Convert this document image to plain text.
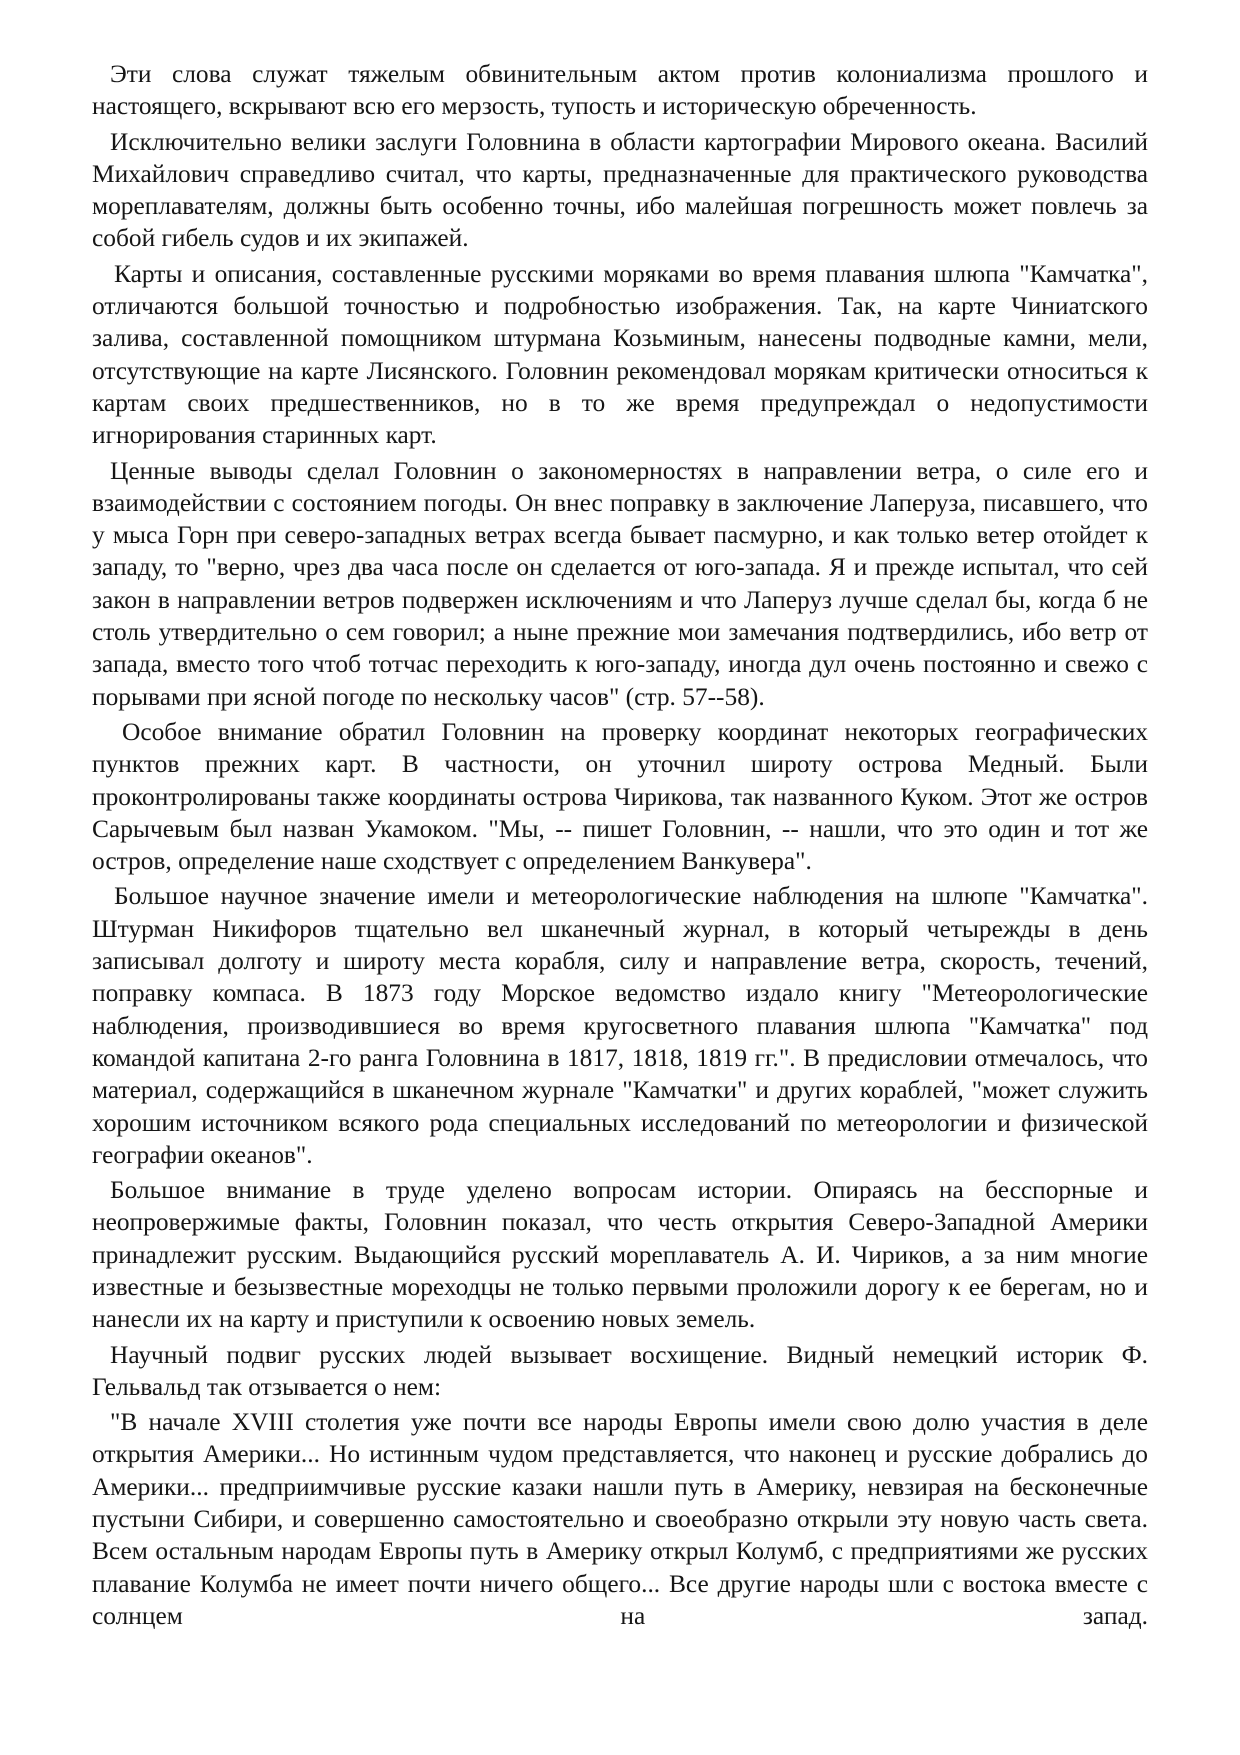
Эти слова служат тяжелым обвинительным актом против колониализма прошлого и настоящего, вскрывают всю его мерзость, тупость и историческую обреченность.

Исключительно велики заслуги Головнина в области картографии Мирового океана. Василий Михайлович справедливо считал, что карты, предназначенные для практического руководства мореплавателям, должны быть особенно точны, ибо малейшая погрешность может повлечь за собой гибель судов и их экипажей.

Карты и описания, составленные русскими моряками во время плавания шлюпа "Камчатка", отличаются большой точностью и подробностью изображения. Так, на карте Чиниатского залива, составленной помощником штурмана Козьминым, нанесены подводные камни, мели, отсутствующие на карте Лисянского. Головнин рекомендовал морякам критически относиться к картам своих предшественников, но в то же время предупреждал о недопустимости игнорирования старинных карт.

Ценные выводы сделал Головнин о закономерностях в направлении ветра, о силе его и взаимодействии с состоянием погоды. Он внес поправку в заключение Лаперуза, писавшего, что у мыса Горн при северо-западных ветрах всегда бывает пасмурно, и как только ветер отойдет к западу, то "верно, чрез два часа после он сделается от юго-запада. Я и прежде испытал, что сей закон в направлении ветров подвержен исключениям и что Лаперуз лучше сделал бы, когда б не столь утвердительно о сем говорил; а ныне прежние мои замечания подтвердились, ибо ветр от запада, вместо того чтоб тотчас переходить к юго-западу, иногда дул очень постоянно и свежо с порывами при ясной погоде по нескольку часов" (стр. 57--58).

Особое внимание обратил Головнин на проверку координат некоторых географических пунктов прежних карт. В частности, он уточнил широту острова Медный. Были проконтролированы также координаты острова Чирикова, так названного Куком. Этот же остров Сарычевым был назван Укамоком. "Мы, -- пишет Головнин, -- нашли, что это один и тот же остров, определение наше сходствует с определением Ванкувера".

Большое научное значение имели и метеорологические наблюдения на шлюпе "Камчатка". Штурман Никифоров тщательно вел шканечный журнал, в который четырежды в день записывал долготу и широту места корабля, силу и направление ветра, скорость, течений, поправку компаса. В 1873 году Морское ведомство издало книгу "Метеорологические наблюдения, производившиеся во время кругосветного плавания шлюпа "Камчатка" под командой капитана 2-го ранга Головнина в 1817, 1818, 1819 гг.". В предисловии отмечалось, что материал, содержащийся в шканечном журнале "Камчатки" и других кораблей, "может служить хорошим источником всякого рода специальных исследований по метеорологии и физической географии океанов".

Большое внимание в труде уделено вопросам истории. Опираясь на бесспорные и неопровержимые факты, Головнин показал, что честь открытия Северо-Западной Америки принадлежит русским. Выдающийся русский мореплаватель А. И. Чириков, а за ним многие известные и безызвестные мореходцы не только первыми проложили дорогу к ее берегам, но и нанесли их на карту и приступили к освоению новых земель.

Научный подвиг русских людей вызывает восхищение. Видный немецкий историк Ф. Гельвальд так отзывается о нем:

"В начале XVIII столетия уже почти все народы Европы имели свою долю участия в деле открытия Америки... Но истинным чудом представляется, что наконец и русские добрались до Америки... предприимчивые русские казаки нашли путь в Америку, невзирая на бесконечные пустыни Сибири, и совершенно самостоятельно и своеобразно открыли эту новую часть света. Всем остальным народам Европы путь в Америку открыл Колумб, с предприятиями же русских плавание Колумба не имеет почти ничего общего... Все другие народы шли с востока вместе с солнцем на запад.
